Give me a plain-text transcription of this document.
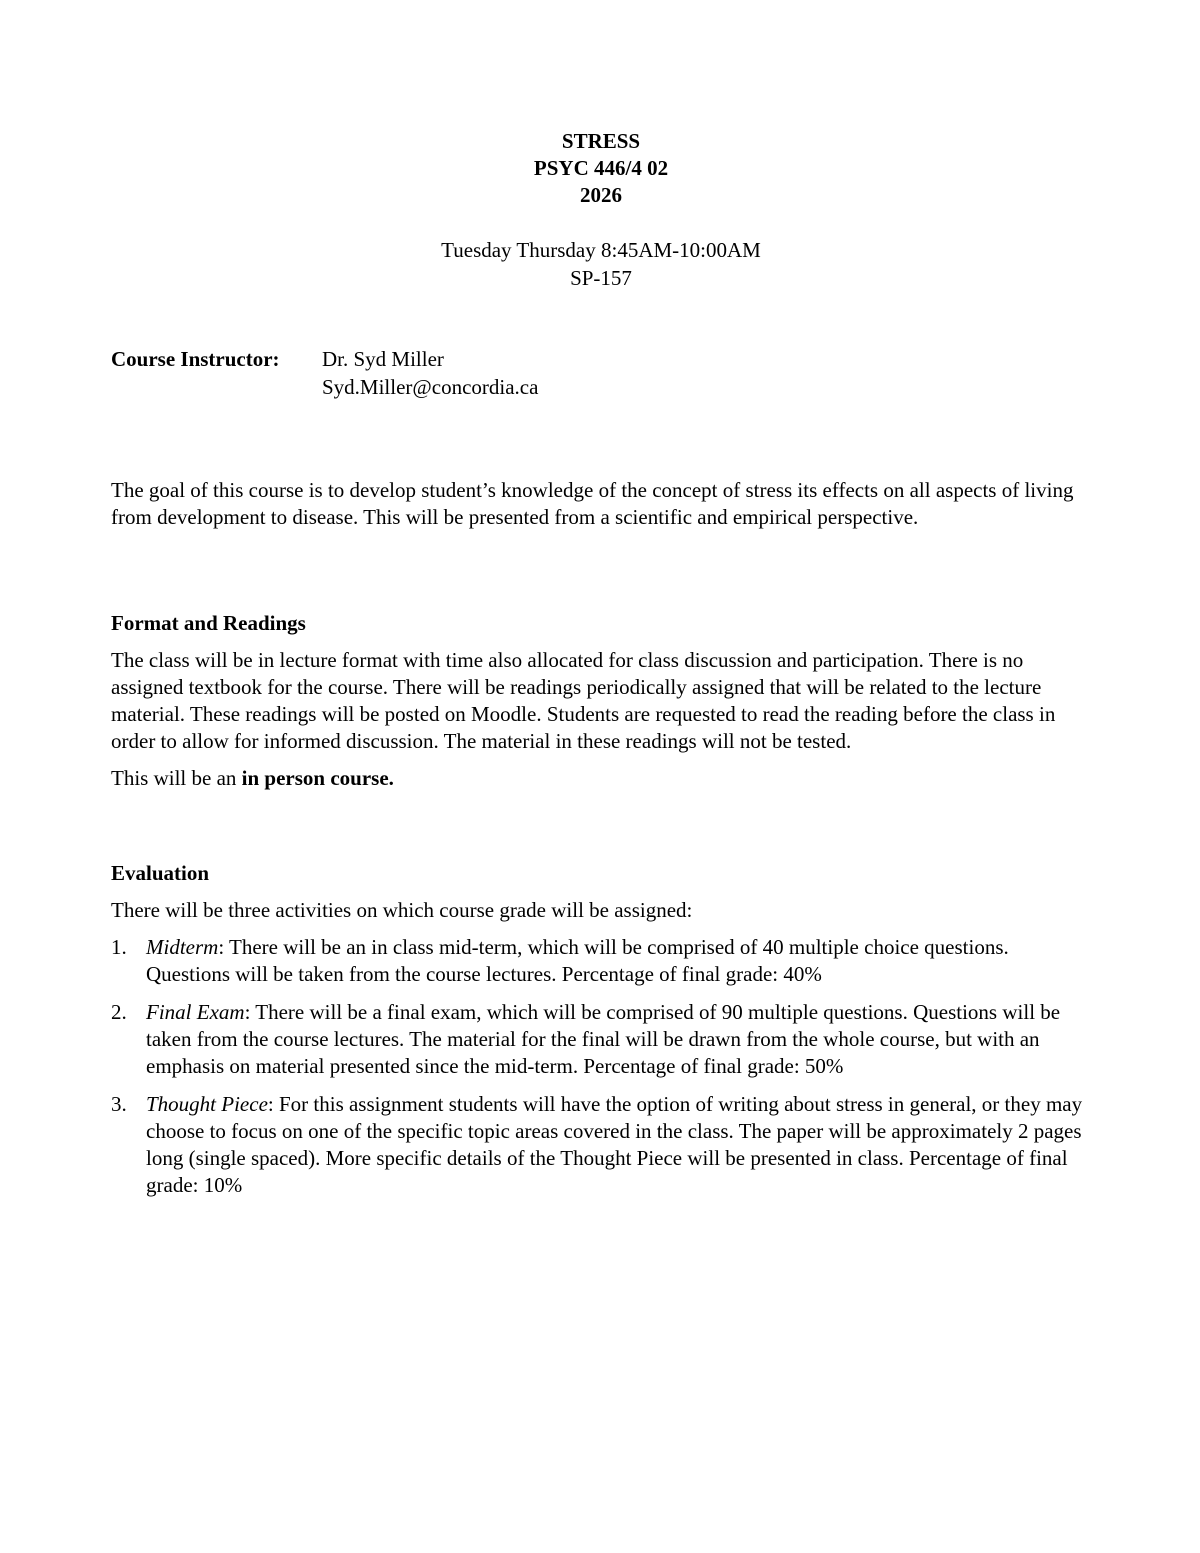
STRESS
PSYC 446/4 02
2026
Tuesday Thursday 8:45AM-10:00AM
SP-157
Course Instructor: Dr. Syd Miller
Syd.Miller@concordia.ca

The goal of this course is to develop student’s knowledge of the concept of stress its effects on all aspects of living from development to disease. This will be presented from a scientific and empirical perspective.

Format and Readings

The class will be in lecture format with time also allocated for class discussion and participation. There is no assigned textbook for the course. There will be readings periodically assigned that will be related to the lecture material. These readings will be posted on Moodle. Students are requested to read the reading before the class in order to allow for informed discussion. The material in these readings will not be tested.

This will be an in person course.

Evaluation

There will be three activities on which course grade will be assigned:

1. Midterm: There will be an in class mid-term, which will be comprised of 40 multiple choice questions. Questions will be taken from the course lectures. Percentage of final grade: 40%
2. Final Exam: There will be a final exam, which will be comprised of 90 multiple questions. Questions will be taken from the course lectures. The material for the final will be drawn from the whole course, but with an emphasis on material presented since the mid-term. Percentage of final grade: 50%
3. Thought Piece: For this assignment students will have the option of writing about stress in general, or they may choose to focus on one of the specific topic areas covered in the class. The paper will be approximately 2 pages long (single spaced). More specific details of the Thought Piece will be presented in class. Percentage of final grade: 10%
